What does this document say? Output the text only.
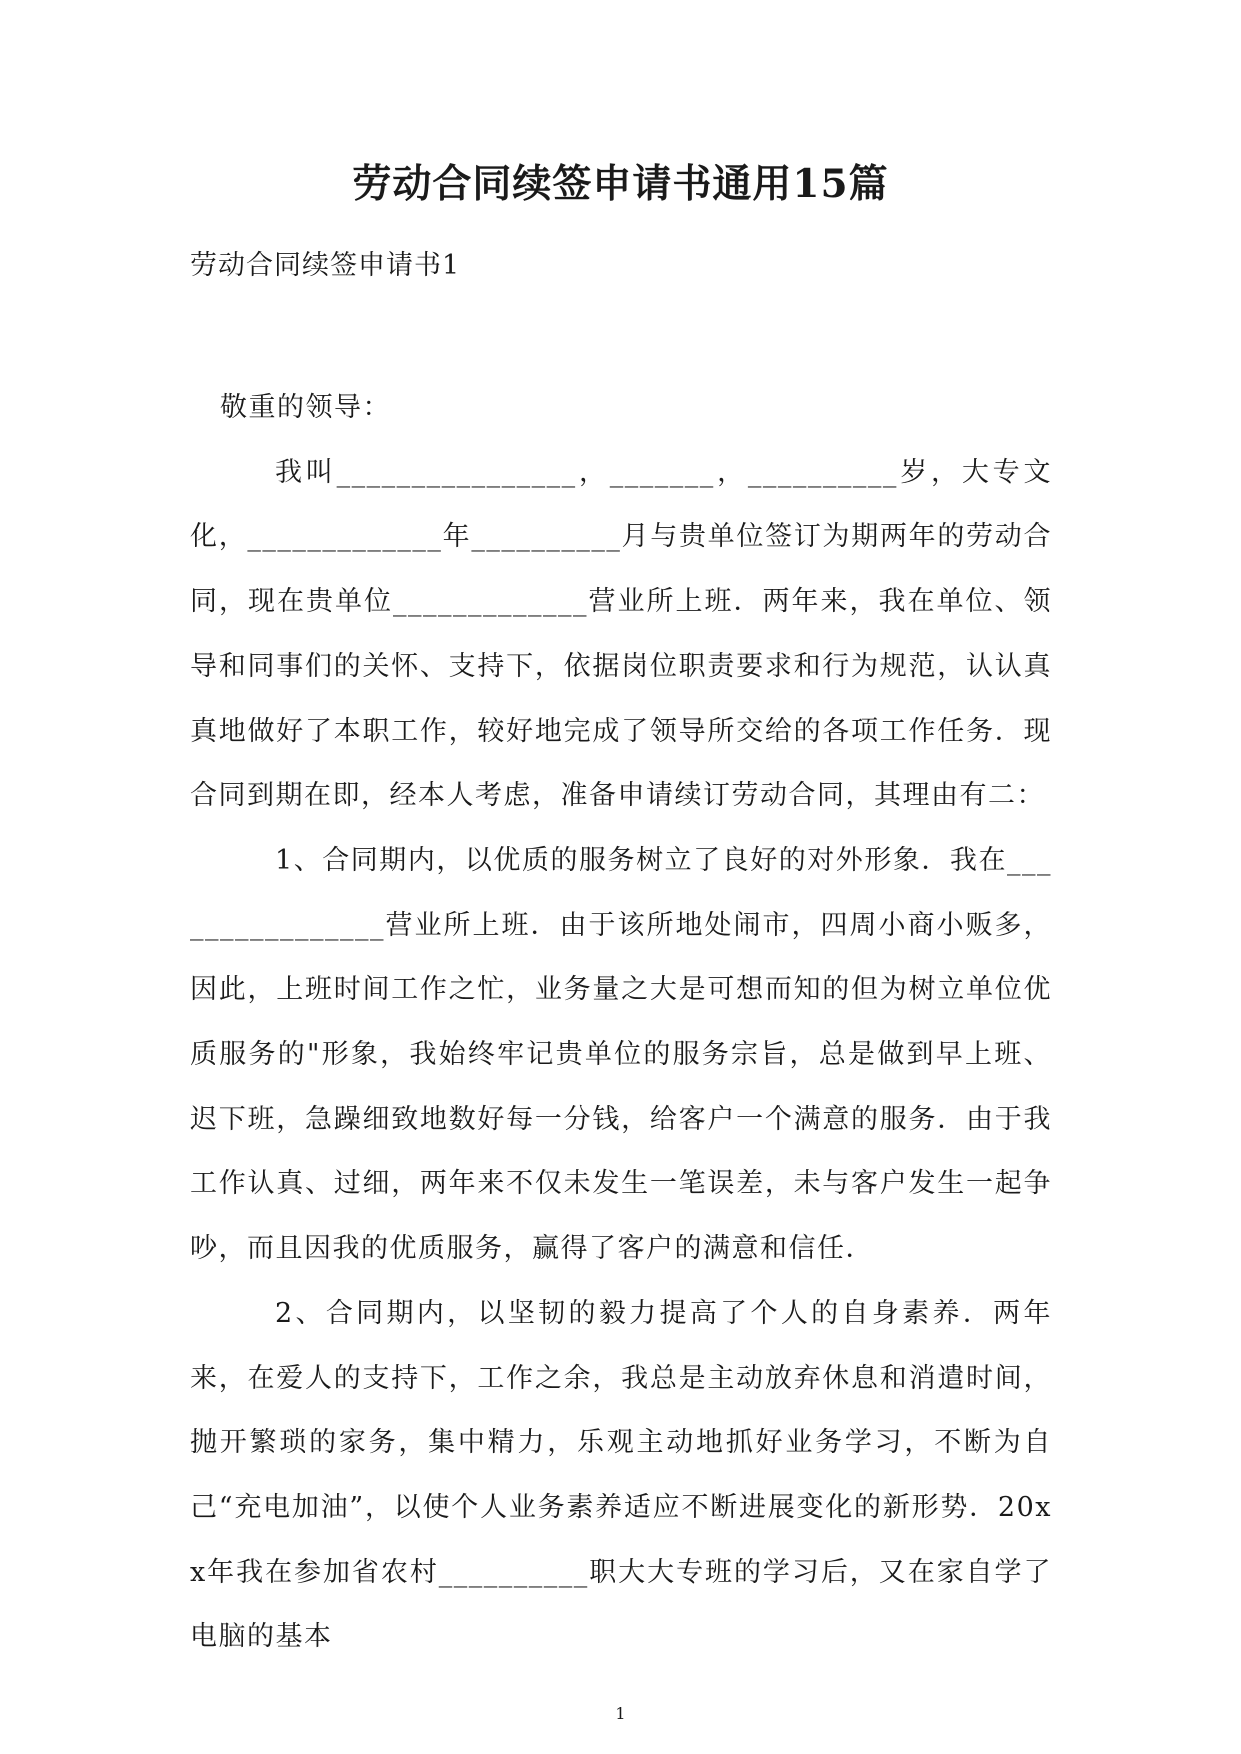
劳动合同续签申请书通用15篇
劳动合同续签申请书1

敬重的领导：

我叫________________，_______，__________岁，大专文化，_____________年__________月与贵单位签订为期两年的劳动合同，现在贵单位_____________营业所上班．两年来，我在单位、领导和同事们的关怀、支持下，依据岗位职责要求和行为规范，认认真真地做好了本职工作，较好地完成了领导所交给的各项工作任务．现合同到期在即，经本人考虑，准备申请续订劳动合同，其理由有二：

1、合同期内，以优质的服务树立了良好的对外形象．我在________________营业所上班．由于该所地处闹市，四周小商小贩多，因此，上班时间工作之忙，业务量之大是可想而知的但为树立单位优质服务的"形象，我始终牢记贵单位的服务宗旨，总是做到早上班、迟下班，急躁细致地数好每一分钱，给客户一个满意的服务．由于我工作认真、过细，两年来不仅未发生一笔误差，未与客户发生一起争吵，而且因我的优质服务，赢得了客户的满意和信任．

2、合同期内，以坚韧的毅力提高了个人的自身素养．两年来，在爱人的支持下，工作之余，我总是主动放弃休息和消遣时间，抛开繁琐的家务，集中精力，乐观主动地抓好业务学习，不断为自己“充电加油”，以使个人业务素养适应不断进展变化的新形势．20xx年我在参加省农村__________职大大专班的学习后，又在家自学了电脑的基本

1
